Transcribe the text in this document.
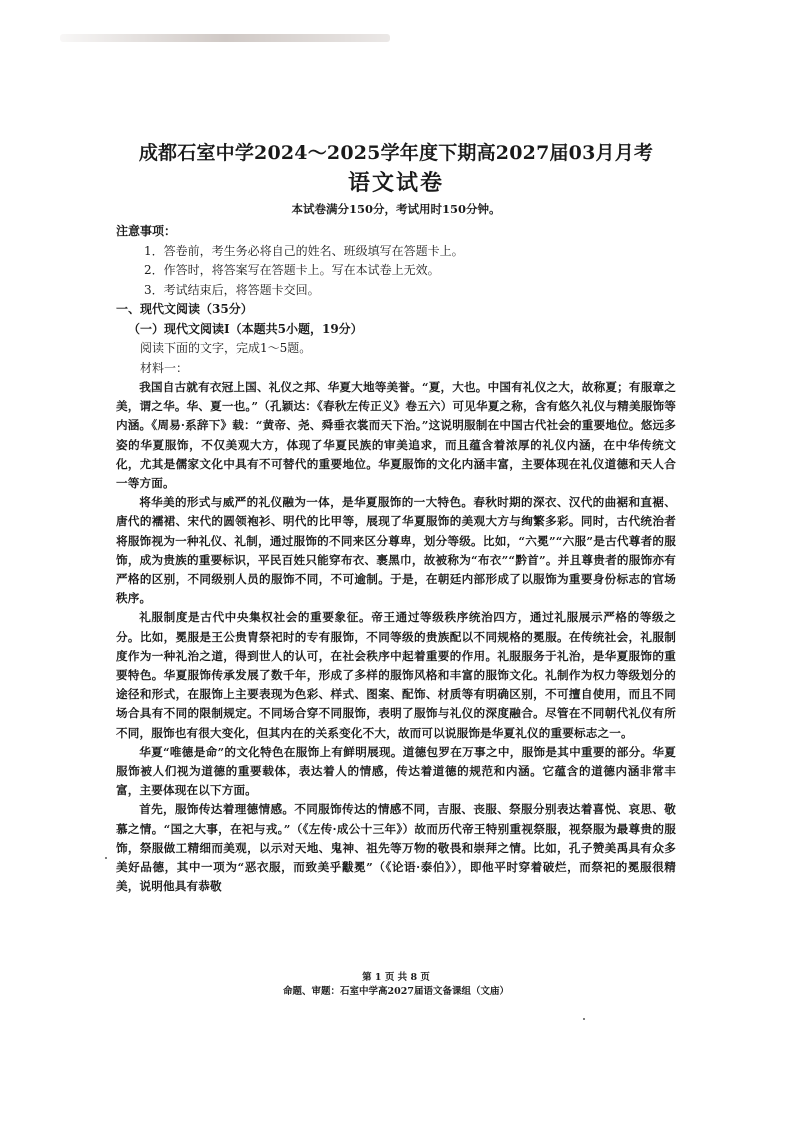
成都石室中学2024～2025学年度下期高2027届03月月考
语文试卷
本试卷满分150分，考试用时150分钟。
注意事项：
1．答卷前，考生务必将自己的姓名、班级填写在答题卡上。
2．作答时，将答案写在答题卡上。写在本试卷上无效。
3．考试结束后，将答题卡交回。
一、现代文阅读（35分）
（一）现代文阅读Ⅰ（本题共5小题，19分）
阅读下面的文字，完成1～5题。
材料一：

我国自古就有衣冠上国、礼仪之邦、华夏大地等美誉。“夏，大也。中国有礼仪之大，故称夏；有服章之美，谓之华。华、夏一也。”（孔颖达：《春秋左传正义》卷五六）可见华夏之称，含有悠久礼仪与精美服饰等内涵。《周易·系辞下》载：“黄帝、尧、舜垂衣裳而天下治。”这说明服制在中国古代社会的重要地位。悠远多姿的华夏服饰，不仅美观大方，体现了华夏民族的审美追求，而且蕴含着浓厚的礼仪内涵，在中华传统文化，尤其是儒家文化中具有不可替代的重要地位。华夏服饰的文化内涵丰富，主要体现在礼仪道德和天人合一等方面。

将华美的形式与威严的礼仪融为一体，是华夏服饰的一大特色。春秋时期的深衣、汉代的曲裾和直裾、唐代的襦裙、宋代的圆领袍衫、明代的比甲等，展现了华夏服饰的美观大方与绚繁多彩。同时，古代统治者将服饰视为一种礼仪、礼制，通过服饰的不同来区分尊卑，划分等级。比如，“六冕”“六服”是古代尊者的服饰，成为贵族的重要标识，平民百姓只能穿布衣、裹黑巾，故被称为“布衣”“黔首”。并且尊贵者的服饰亦有严格的区别，不同级别人员的服饰不同，不可逾制。于是，在朝廷内部形成了以服饰为重要身份标志的官场秩序。

礼服制度是古代中央集权社会的重要象征。帝王通过等级秩序统治四方，通过礼服展示严格的等级之分。比如，冕服是王公贵胄祭祀时的专有服饰，不同等级的贵族配以不同规格的冕服。在传统社会，礼服制度作为一种礼治之道，得到世人的认可，在社会秩序中起着重要的作用。礼服服务于礼治，是华夏服饰的重要特色。华夏服饰传承发展了数千年，形成了多样的服饰风格和丰富的服饰文化。礼制作为权力等级划分的途径和形式，在服饰上主要表现为色彩、样式、图案、配饰、材质等有明确区别，不可擅自使用，而且不同场合具有不同的限制规定。不同场合穿不同服饰，表明了服饰与礼仪的深度融合。尽管在不同朝代礼仪有所不同，服饰也有很大变化，但其内在的关系变化不大，故而可以说服饰是华夏礼仪的重要标志之一。

华夏“唯德是命”的文化特色在服饰上有鲜明展现。道德包罗在万事之中，服饰是其中重要的部分。华夏服饰被人们视为道德的重要载体，表达着人的情感，传达着道德的规范和内涵。它蕴含的道德内涵非常丰富，主要体现在以下方面。

首先，服饰传达着理德情感。不同服饰传达的情感不同，吉服、丧服、祭服分别表达着喜悦、哀思、敬慕之情。“国之大事，在祀与戎。”（《左传·成公十三年》）故而历代帝王特别重视祭服，视祭服为最尊贵的服饰，祭服做工精细而美观，以示对天地、鬼神、祖先等万物的敬畏和崇拜之情。比如，孔子赞美禹具有众多美好品德，其中一项为“恶衣服，而致美乎黻冕”（《论语·泰伯》），即他平时穿着破烂，而祭祀的冕服很精美，说明他具有恭敬

第 1 页 共 8 页
命题、审题：石室中学高2027届语文备课组（文庙）
